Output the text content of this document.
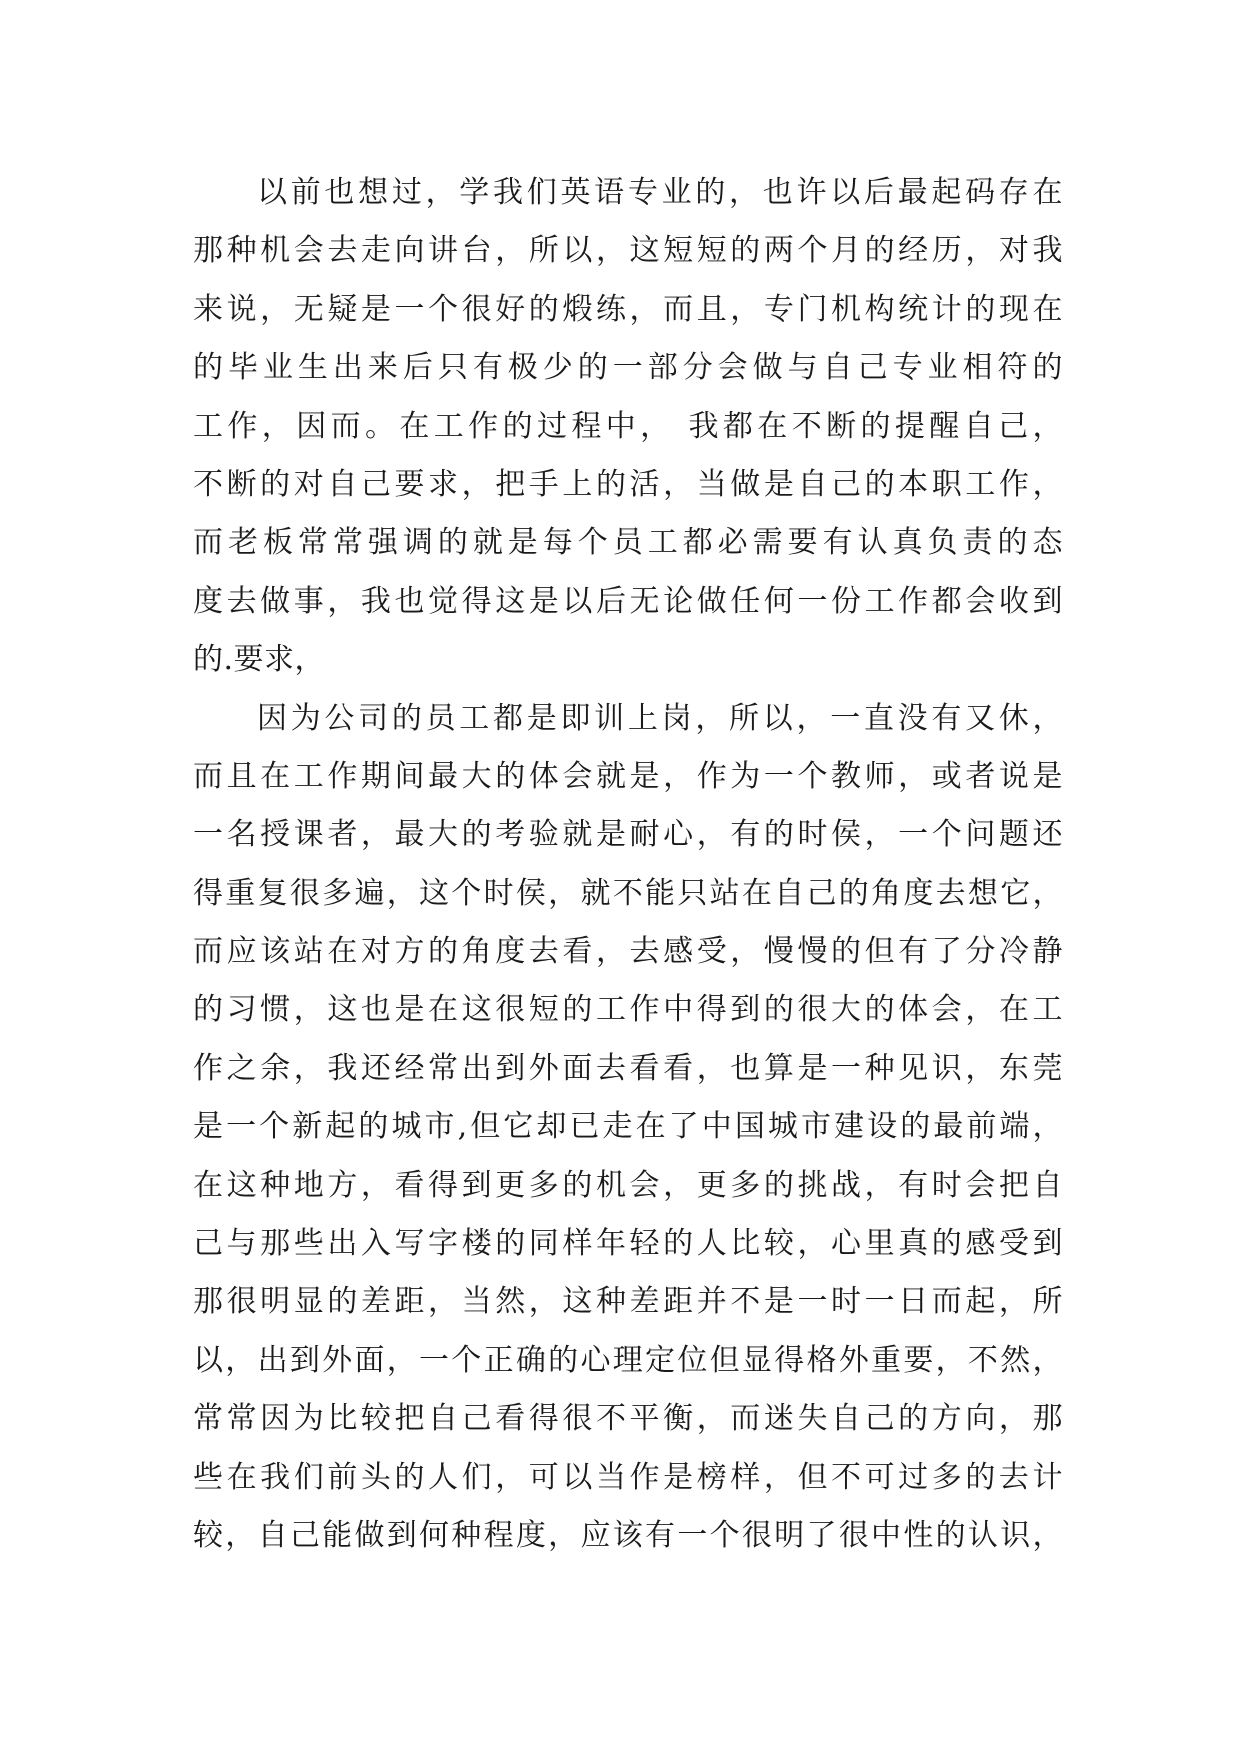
以前也想过，学我们英语专业的，也许以后最起码存在
那种机会去走向讲台，所以，这短短的两个月的经历，对我
来说，无疑是一个很好的煅练，而且，专门机构统计的现在
的毕业生出来后只有极少的一部分会做与自己专业相符的
工作，因而。在工作的过程中， 我都在不断的提醒自己，
不断的对自己要求，把手上的活，当做是自己的本职工作，
而老板常常强调的就是每个员工都必需要有认真负责的态
度去做事，我也觉得这是以后无论做任何一份工作都会收到
的.要求，
因为公司的员工都是即训上岗，所以，一直没有又休，
而且在工作期间最大的体会就是，作为一个教师，或者说是
一名授课者，最大的考验就是耐心，有的时侯，一个问题还
得重复很多遍，这个时侯，就不能只站在自己的角度去想它，
而应该站在对方的角度去看，去感受，慢慢的但有了分冷静
的习惯，这也是在这很短的工作中得到的很大的体会，在工
作之余，我还经常出到外面去看看，也算是一种见识，东莞
是一个新起的城市,但它却已走在了中国城市建设的最前端，
在这种地方，看得到更多的机会，更多的挑战，有时会把自
己与那些出入写字楼的同样年轻的人比较，心里真的感受到
那很明显的差距，当然，这种差距并不是一时一日而起，所
以，出到外面，一个正确的心理定位但显得格外重要，不然，
常常因为比较把自己看得很不平衡，而迷失自己的方向，那
些在我们前头的人们，可以当作是榜样，但不可过多的去计
较，自己能做到何种程度，应该有一个很明了很中性的认识，
